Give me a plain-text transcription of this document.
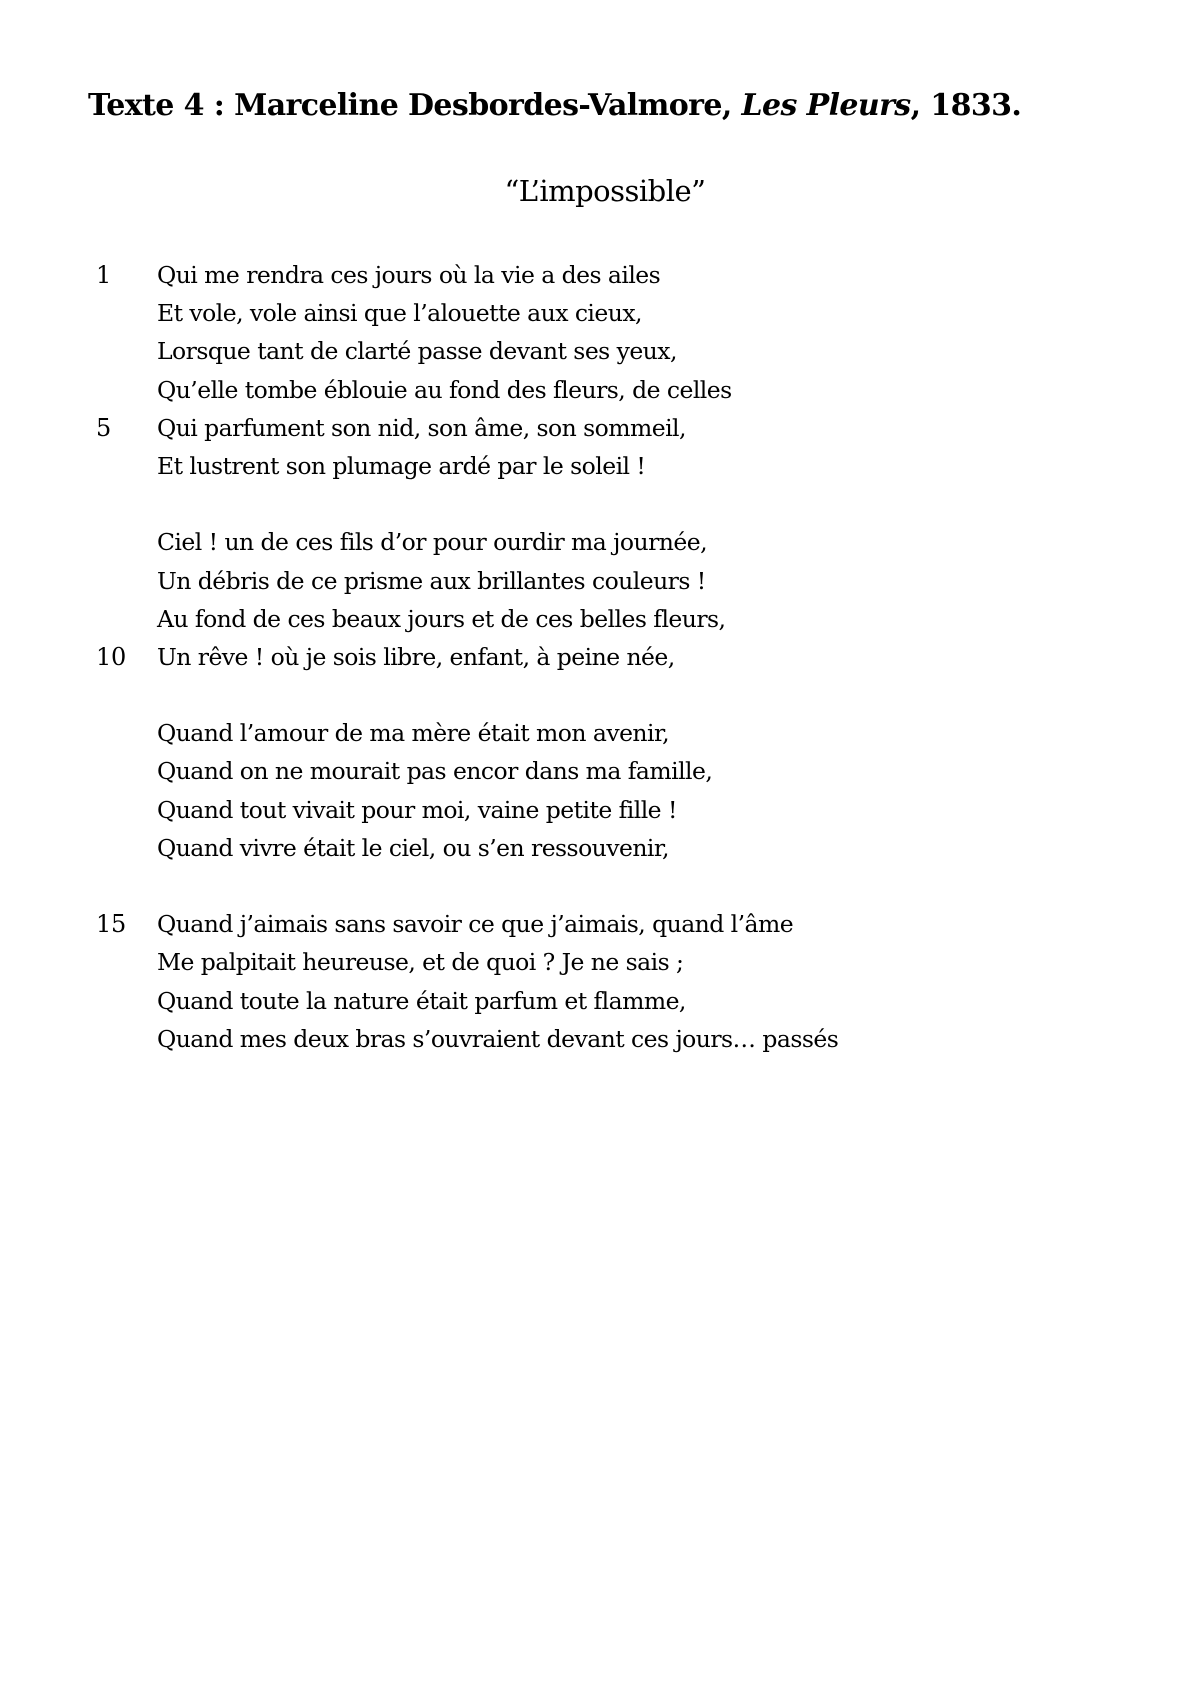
Texte 4 : Marceline Desbordes-Valmore, Les Pleurs, 1833.
“L’impossible”
1 Qui me rendra ces jours où la vie a des ailes
Et vole, vole ainsi que l’alouette aux cieux,
Lorsque tant de clarté passe devant ses yeux,
Qu’elle tombe éblouie au fond des fleurs, de celles
5 Qui parfument son nid, son âme, son sommeil,
Et lustrent son plumage ardé par le soleil !
Ciel ! un de ces fils d’or pour ourdir ma journée,
Un débris de ce prisme aux brillantes couleurs !
Au fond de ces beaux jours et de ces belles fleurs,
10 Un rêve ! où je sois libre, enfant, à peine née,
Quand l’amour de ma mère était mon avenir,
Quand on ne mourait pas encor dans ma famille,
Quand tout vivait pour moi, vaine petite fille !
Quand vivre était le ciel, ou s’en ressouvenir,
15 Quand j’aimais sans savoir ce que j’aimais, quand l’âme
Me palpitait heureuse, et de quoi ? Je ne sais ;
Quand toute la nature était parfum et flamme,
Quand mes deux bras s’ouvraient devant ces jours… passés
